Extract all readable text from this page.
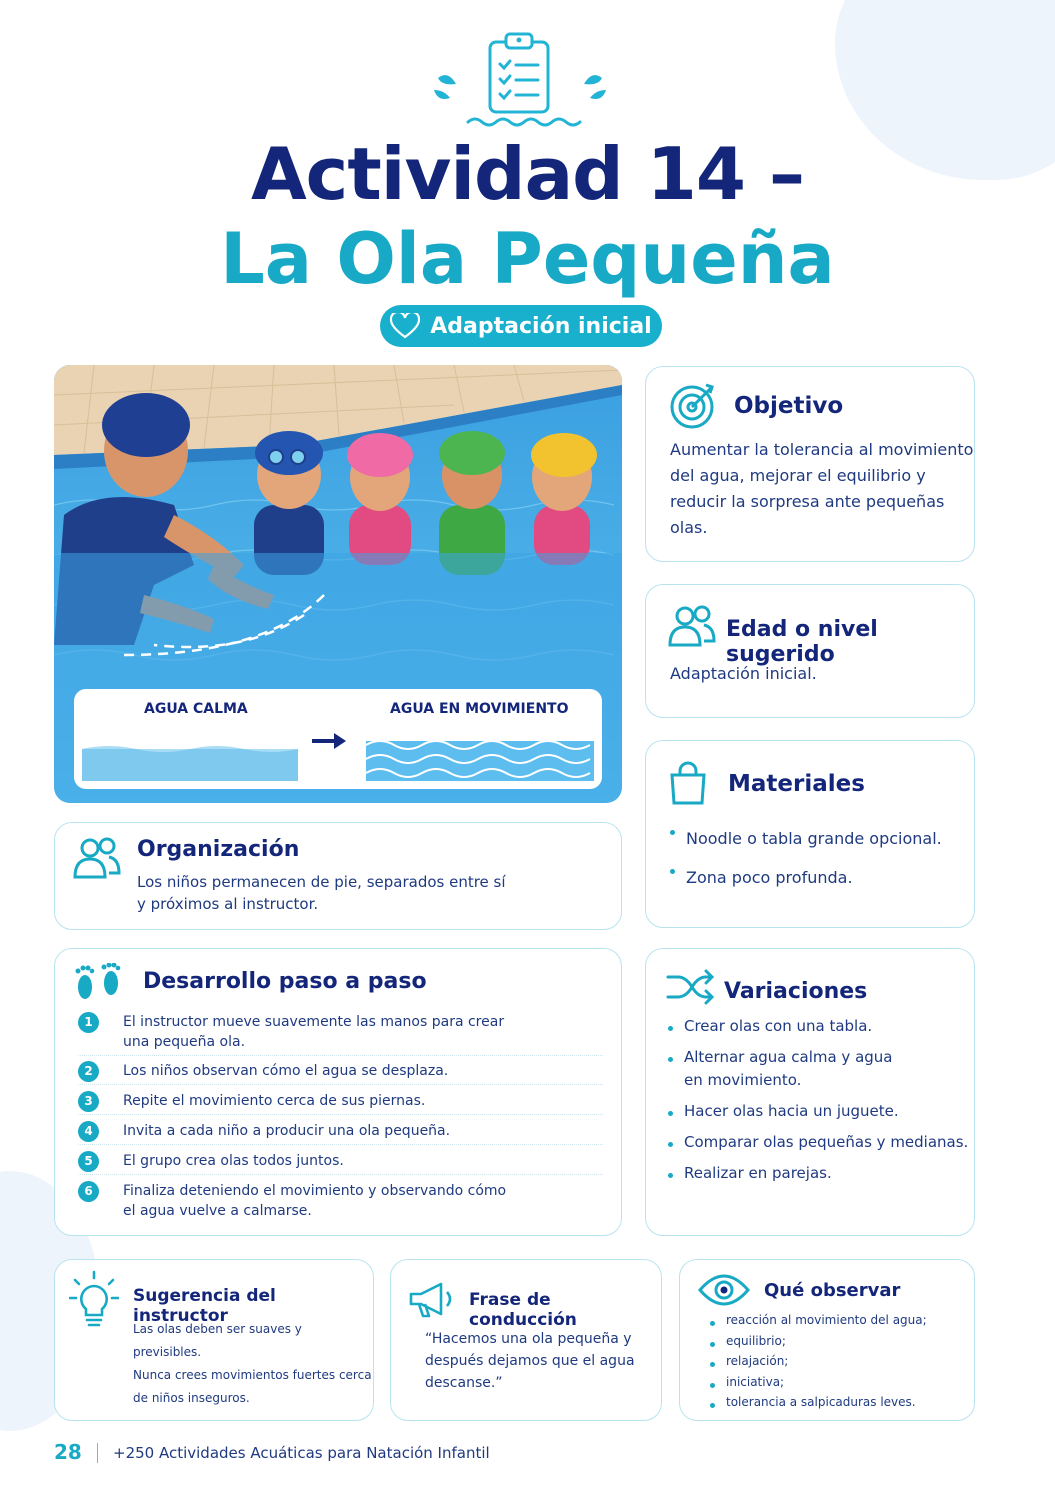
Actividad 14 –
La Ola Pequeña
Adaptación inicial
AGUA CALMA	AGUA EN MOVIMIENTO
Objetivo
Aumentar la tolerancia al movimiento
del agua, mejorar el equilibrio y
reducir la sorpresa ante pequeñas
olas.
Edad o nivel sugerido
Adaptación inicial.
Materiales
Noodle o tabla grande opcional.
Zona poco profunda.
Organización
Los niños permanecen de pie, separados entre sí
y próximos al instructor.
Desarrollo paso a paso
1	El instructor mueve suavemente las manos para crear
una pequeña ola.
2	Los niños observan cómo el agua se desplaza.
3	Repite el movimiento cerca de sus piernas.
4	Invita a cada niño a producir una ola pequeña.
5	El grupo crea olas todos juntos.
6	Finaliza deteniendo el movimiento y observando cómo
el agua vuelve a calmarse.
Variaciones
Crear olas con una tabla.
Alternar agua calma y agua
en movimiento.
Hacer olas hacia un juguete.
Comparar olas pequeñas y medianas.
Realizar en parejas.
Sugerencia del instructor
Las olas deben ser suaves y previsibles.
Nunca crees movimientos fuertes cerca
de niños inseguros.
Frase de conducción
“Hacemos una ola pequeña y
después dejamos que el agua
descanse.”
Qué observar
reacción al movimiento del agua;
equilibrio;
relajación;
iniciativa;
tolerancia a salpicaduras leves.
28 +250 Actividades Acuáticas para Natación Infantil
